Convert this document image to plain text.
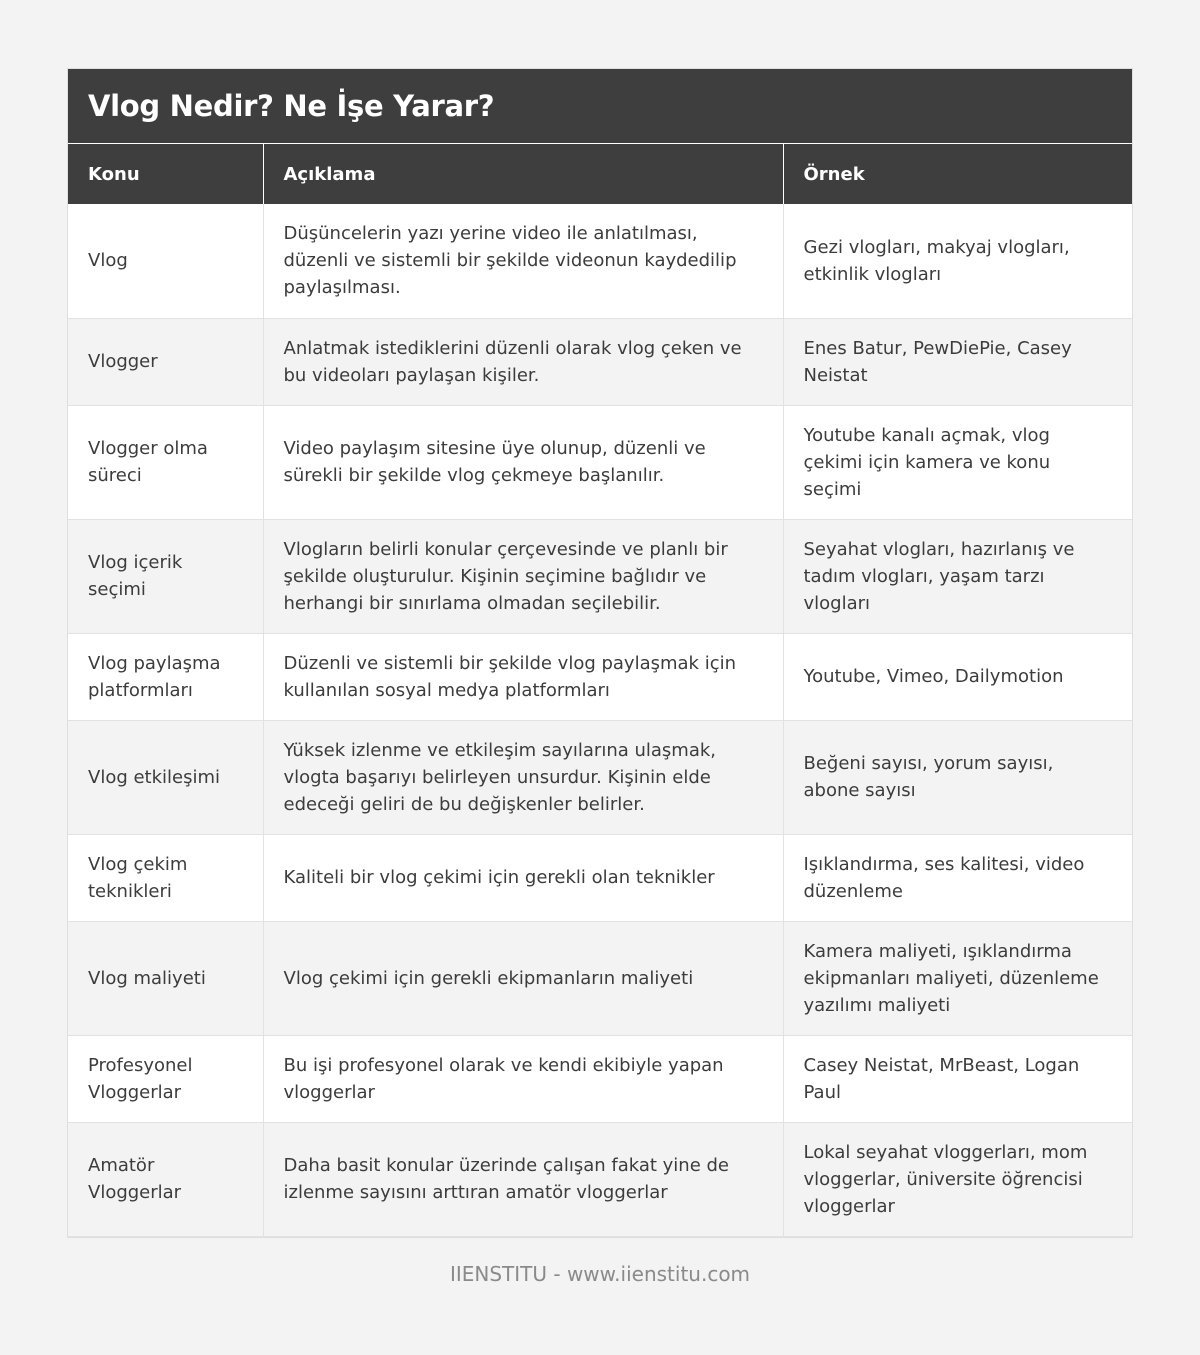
Vlog Nedir? Ne İşe Yarar?
Konu	Açıklama	Örnek
Vlog	Düşüncelerin yazı yerine video ile anlatılması, düzenli ve sistemli bir şekilde videonun kaydedilip paylaşılması.	Gezi vlogları, makyaj vlogları, etkinlik vlogları
Vlogger	Anlatmak istediklerini düzenli olarak vlog çeken ve bu videoları paylaşan kişiler.	Enes Batur, PewDiePie, Casey Neistat
Vlogger olma süreci	Video paylaşım sitesine üye olunup, düzenli ve sürekli bir şekilde vlog çekmeye başlanılır.	Youtube kanalı açmak, vlog çekimi için kamera ve konu seçimi
Vlog içerik seçimi	Vlogların belirli konular çerçevesinde ve planlı bir şekilde oluşturulur. Kişinin seçimine bağlıdır ve herhangi bir sınırlama olmadan seçilebilir.	Seyahat vlogları, hazırlanış ve tadım vlogları, yaşam tarzı vlogları
Vlog paylaşma platformları	Düzenli ve sistemli bir şekilde vlog paylaşmak için kullanılan sosyal medya platformları	Youtube, Vimeo, Dailymotion
Vlog etkileşimi	Yüksek izlenme ve etkileşim sayılarına ulaşmak, vlogta başarıyı belirleyen unsurdur. Kişinin elde edeceği geliri de bu değişkenler belirler.	Beğeni sayısı, yorum sayısı, abone sayısı
Vlog çekim teknikleri	Kaliteli bir vlog çekimi için gerekli olan teknikler	Işıklandırma, ses kalitesi, video düzenleme
Vlog maliyeti	Vlog çekimi için gerekli ekipmanların maliyeti	Kamera maliyeti, ışıklandırma ekipmanları maliyeti, düzenleme yazılımı maliyeti
Profesyonel Vloggerlar	Bu işi profesyonel olarak ve kendi ekibiyle yapan vloggerlar	Casey Neistat, MrBeast, Logan Paul
Amatör Vloggerlar	Daha basit konular üzerinde çalışan fakat yine de izlenme sayısını arttıran amatör vloggerlar	Lokal seyahat vloggerları, mom vloggerlar, üniversite öğrencisi vloggerlar
IIENSTITU - www.iienstitu.com
